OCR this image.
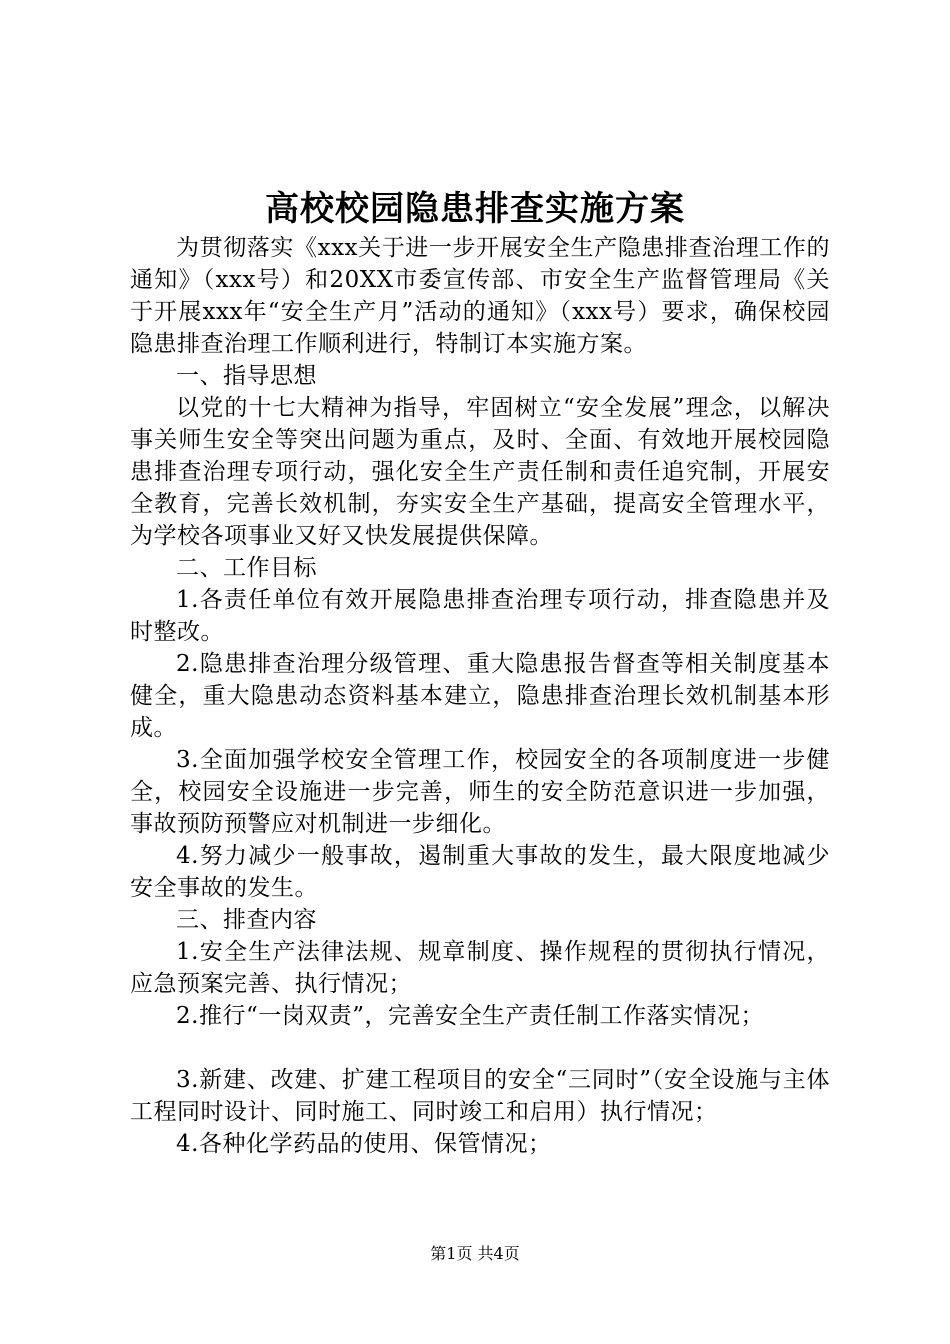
高校校园隐患排查实施方案

为贯彻落实《xxx关于进一步开展安全生产隐患排查治理工作的通知》（xxx号）和20XX市委宣传部、市安全生产监督管理局《关于开展xxx年“安全生产月”活动的通知》（xxx号）要求，确保校园隐患排查治理工作顺利进行，特制订本实施方案。

一、指导思想

以党的十七大精神为指导，牢固树立“安全发展”理念，以解决事关师生安全等突出问题为重点，及时、全面、有效地开展校园隐患排查治理专项行动，强化安全生产责任制和责任追究制，开展安全教育，完善长效机制，夯实安全生产基础，提高安全管理水平，为学校各项事业又好又快发展提供保障。

二、工作目标

1.各责任单位有效开展隐患排查治理专项行动，排查隐患并及时整改。

2.隐患排查治理分级管理、重大隐患报告督查等相关制度基本健全，重大隐患动态资料基本建立，隐患排查治理长效机制基本形成。

3.全面加强学校安全管理工作，校园安全的各项制度进一步健全，校园安全设施进一步完善，师生的安全防范意识进一步加强，事故预防预警应对机制进一步细化。

4.努力减少一般事故，遏制重大事故的发生，最大限度地减少安全事故的发生。

三、排查内容

1.安全生产法律法规、规章制度、操作规程的贯彻执行情况，应急预案完善、执行情况；

2.推行“一岗双责”，完善安全生产责任制工作落实情况；

3.新建、改建、扩建工程项目的安全“三同时”（安全设施与主体工程同时设计、同时施工、同时竣工和启用）执行情况；

4.各种化学药品的使用、保管情况；

第1页 共4页
